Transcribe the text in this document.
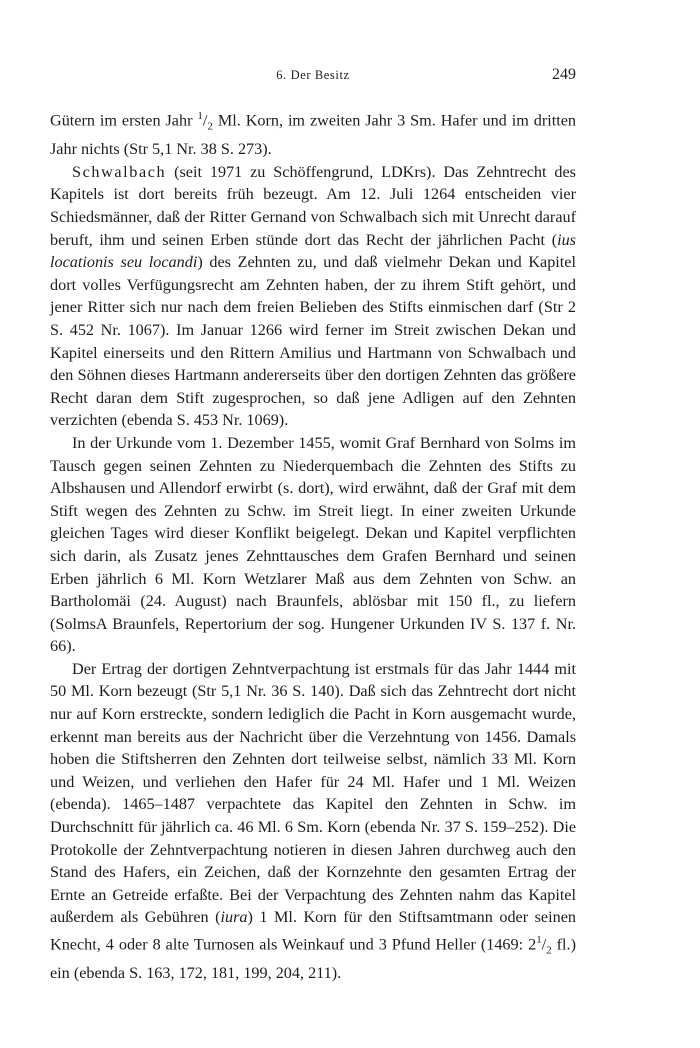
6. Der Besitz	249

Gütern im ersten Jahr $^1/_2$ Ml. Korn, im zweiten Jahr 3 Sm. Hafer und im dritten Jahr nichts (Str 5,1 Nr. 38 S. 273).

Schwalbach (seit 1971 zu Schöffengrund, LDKrs). Das Zehntrecht des Kapitels ist dort bereits früh bezeugt. Am 12. Juli 1264 entscheiden vier Schiedsmänner, daß der Ritter Gernand von Schwalbach sich mit Unrecht darauf beruft, ihm und seinen Erben stünde dort das Recht der jährlichen Pacht (ius locationis seu locandi) des Zehnten zu, und daß vielmehr Dekan und Kapitel dort volles Verfügungsrecht am Zehnten haben, der zu ihrem Stift gehört, und jener Ritter sich nur nach dem freien Belieben des Stifts einmischen darf (Str 2 S. 452 Nr. 1067). Im Januar 1266 wird ferner im Streit zwischen Dekan und Kapitel einerseits und den Rittern Amilius und Hartmann von Schwalbach und den Söhnen dieses Hartmann andererseits über den dortigen Zehnten das größere Recht daran dem Stift zugesprochen, so daß jene Adligen auf den Zehnten verzichten (ebenda S. 453 Nr. 1069).

In der Urkunde vom 1. Dezember 1455, womit Graf Bernhard von Solms im Tausch gegen seinen Zehnten zu Niederquembach die Zehnten des Stifts zu Albshausen und Allendorf erwirbt (s. dort), wird erwähnt, daß der Graf mit dem Stift wegen des Zehnten zu Schw. im Streit liegt. In einer zweiten Urkunde gleichen Tages wird dieser Konflikt beigelegt. Dekan und Kapitel verpflichten sich darin, als Zusatz jenes Zehnttausches dem Grafen Bernhard und seinen Erben jährlich 6 Ml. Korn Wetzlarer Maß aus dem Zehnten von Schw. an Bartholomäi (24. August) nach Braunfels, ablösbar mit 150 fl., zu liefern (SolmsA Braunfels, Repertorium der sog. Hungener Urkunden IV S. 137 f. Nr. 66).

Der Ertrag der dortigen Zehntverpachtung ist erstmals für das Jahr 1444 mit 50 Ml. Korn bezeugt (Str 5,1 Nr. 36 S. 140). Daß sich das Zehntrecht dort nicht nur auf Korn erstreckte, sondern lediglich die Pacht in Korn ausgemacht wurde, erkennt man bereits aus der Nachricht über die Verzehntung von 1456. Damals hoben die Stiftsherren den Zehnten dort teilweise selbst, nämlich 33 Ml. Korn und Weizen, und verliehen den Hafer für 24 Ml. Hafer und 1 Ml. Weizen (ebenda). 1465–1487 verpachtete das Kapitel den Zehnten in Schw. im Durchschnitt für jährlich ca. 46 Ml. 6 Sm. Korn (ebenda Nr. 37 S. 159–252). Die Protokolle der Zehntverpachtung notieren in diesen Jahren durchweg auch den Stand des Hafers, ein Zeichen, daß der Kornzehnte den gesamten Ertrag der Ernte an Getreide erfaßte. Bei der Verpachtung des Zehnten nahm das Kapitel außerdem als Gebühren (iura) 1 Ml. Korn für den Stiftsamtmann oder seinen Knecht, 4 oder 8 alte Turnosen als Weinkauf und 3 Pfund Heller (1469: $2^1/_2$ fl.) ein (ebenda S. 163, 172, 181, 199, 204, 211).
